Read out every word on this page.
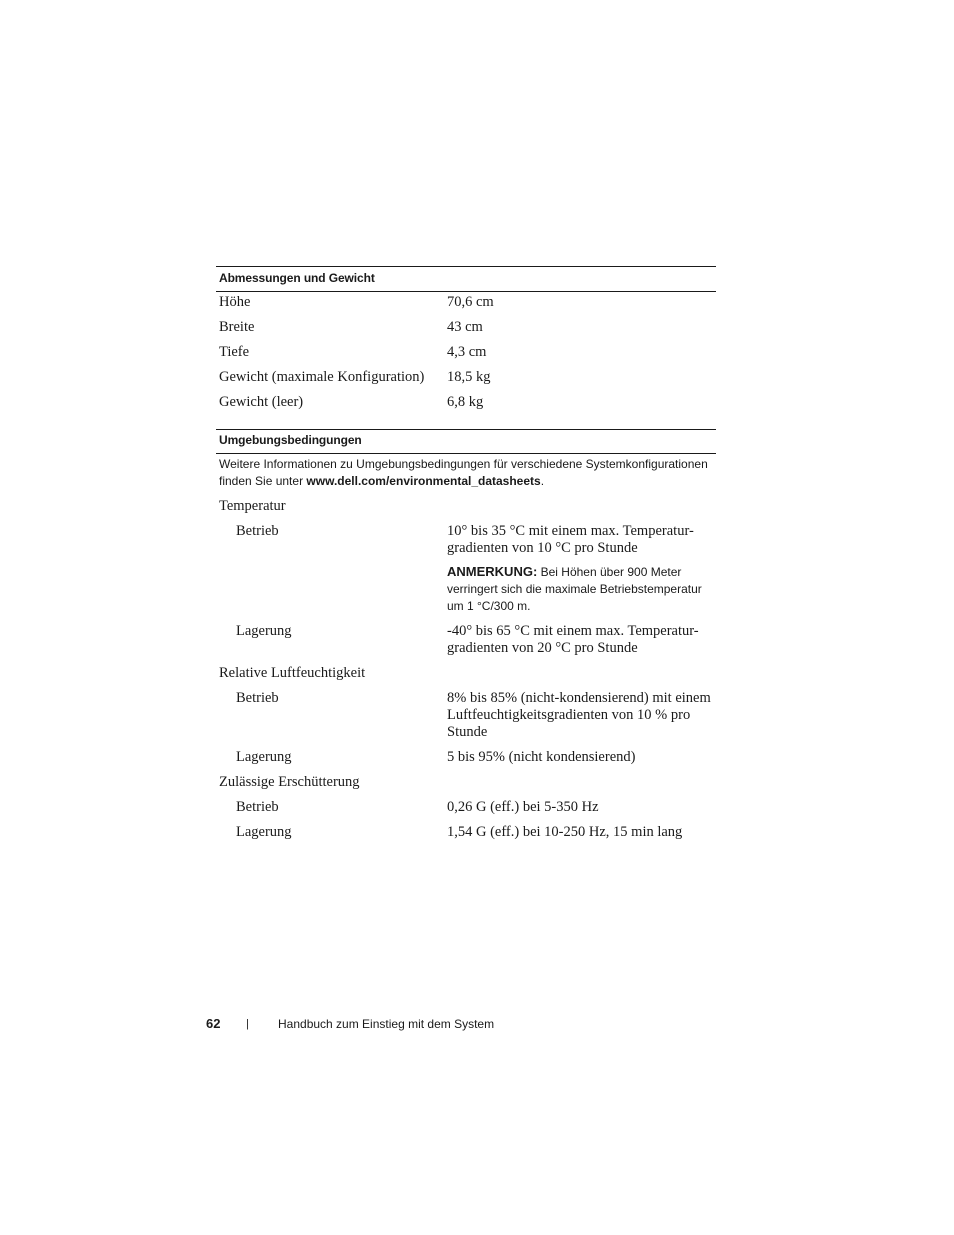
Abmessungen und Gewicht
Höhe	70,6 cm
Breite	43 cm
Tiefe	4,3 cm
Gewicht (maximale Konfiguration) 18,5 kg
Gewicht (leer)	6,8 kg
Umgebungsbedingungen
Weitere Informationen zu Umgebungsbedingungen für verschiedene Systemkonfigurationen finden Sie unter www.dell.com/environmental_datasheets.
Temperatur
Betrieb	10° bis 35 °C mit einem max. Temperatur-gradienten von 10 °C pro Stunde
ANMERKUNG: Bei Höhen über 900 Meter verringert sich die maximale Betriebstemperatur um 1 °C/300 m.
Lagerung	-40° bis 65 °C mit einem max. Temperatur-gradienten von 20 °C pro Stunde
Relative Luftfeuchtigkeit
Betrieb	8% bis 85% (nicht-kondensierend) mit einem Luftfeuchtigkeitsgradienten von 10 % pro Stunde
Lagerung	5 bis 95% (nicht kondensierend)
Zulässige Erschütterung
Betrieb	0,26 G (eff.) bei 5-350 Hz
Lagerung	1,54 G (eff.) bei 10-250 Hz, 15 min lang
62 | Handbuch zum Einstieg mit dem System
